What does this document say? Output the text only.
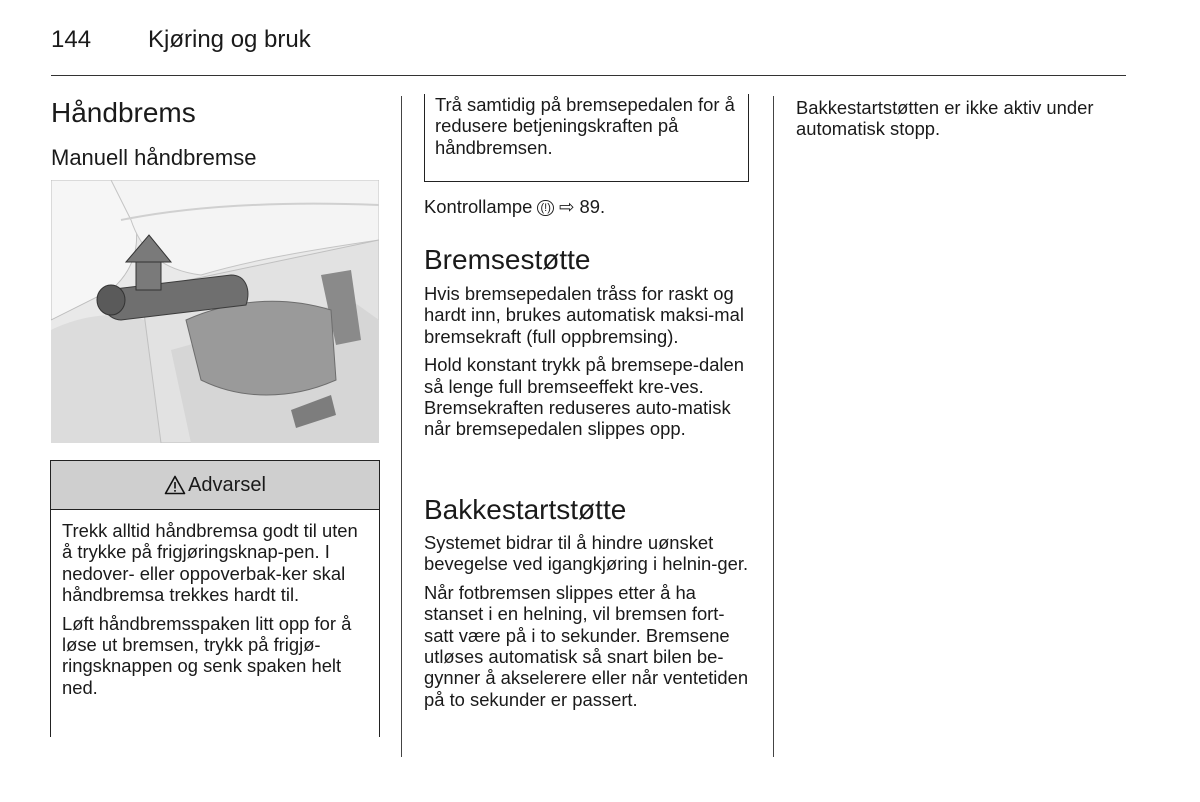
144 Kjøring og bruk
Håndbrems
Manuell håndbremse
Advarsel

Trekk alltid håndbremsa godt til uten å trykke på frigjøringsknap-pen. I nedover- eller oppoverbak-ker skal håndbremsa trekkes hardt til.

Løft håndbremsspaken litt opp for å løse ut bremsen, trykk på frigjø-ringsknappen og senk spaken helt ned.

Trå samtidig på bremsepedalen for å redusere betjeningskraften på håndbremsen.

Kontrollampe (!) ⇨ 89.
Bremsestøtte

Hvis bremsepedalen tråss for raskt og hardt inn, brukes automatisk maksi-mal bremsekraft (full oppbremsing).

Hold konstant trykk på bremsepe-dalen så lenge full bremseeffekt kre-ves. Bremsekraften reduseres auto-matisk når bremsepedalen slippes opp.

Bakkestartstøtte

Systemet bidrar til å hindre uønsket bevegelse ved igangkjøring i helnin-ger.

Når fotbremsen slippes etter å ha stanset i en helning, vil bremsen fort-satt være på i to sekunder. Bremsene utløses automatisk så snart bilen be-gynner å akselerere eller når ventetiden på to sekunder er passert.

Bakkestartstøtten er ikke aktiv under automatisk stopp.
